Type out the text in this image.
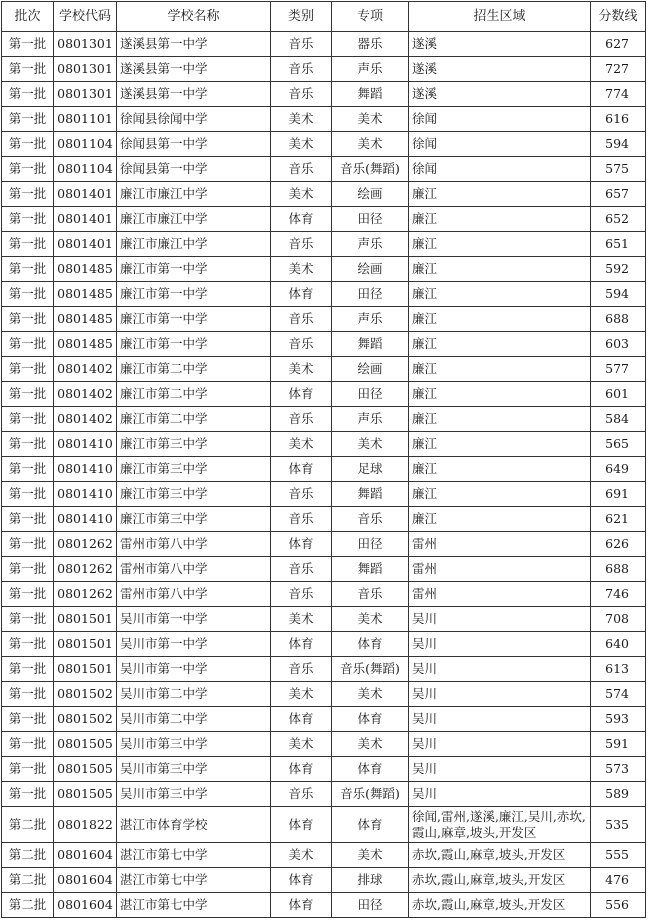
批次	学校代码	学校名称	类别	专项	招生区域	分数线
第一批	0801301	遂溪县第一中学	音乐	器乐	遂溪	627
第一批	0801301	遂溪县第一中学	音乐	声乐	遂溪	727
第一批	0801301	遂溪县第一中学	音乐	舞蹈	遂溪	774
第一批	0801101	徐闻县徐闻中学	美术	美术	徐闻	616
第一批	0801104	徐闻县第一中学	美术	美术	徐闻	594
第一批	0801104	徐闻县第一中学	音乐	音乐(舞蹈)	徐闻	575
第一批	0801401	廉江市廉江中学	美术	绘画	廉江	657
第一批	0801401	廉江市廉江中学	体育	田径	廉江	652
第一批	0801401	廉江市廉江中学	音乐	声乐	廉江	651
第一批	0801485	廉江市第一中学	美术	绘画	廉江	592
第一批	0801485	廉江市第一中学	体育	田径	廉江	594
第一批	0801485	廉江市第一中学	音乐	声乐	廉江	688
第一批	0801485	廉江市第一中学	音乐	舞蹈	廉江	603
第一批	0801402	廉江市第二中学	美术	绘画	廉江	577
第一批	0801402	廉江市第二中学	体育	田径	廉江	601
第一批	0801402	廉江市第二中学	音乐	声乐	廉江	584
第一批	0801410	廉江市第三中学	美术	美术	廉江	565
第一批	0801410	廉江市第三中学	体育	足球	廉江	649
第一批	0801410	廉江市第三中学	音乐	舞蹈	廉江	691
第一批	0801410	廉江市第三中学	音乐	音乐	廉江	621
第一批	0801262	雷州市第八中学	体育	田径	雷州	626
第一批	0801262	雷州市第八中学	音乐	舞蹈	雷州	688
第一批	0801262	雷州市第八中学	音乐	音乐	雷州	746
第一批	0801501	吴川市第一中学	美术	美术	吴川	708
第一批	0801501	吴川市第一中学	体育	体育	吴川	640
第一批	0801501	吴川市第一中学	音乐	音乐(舞蹈)	吴川	613
第一批	0801502	吴川市第二中学	美术	美术	吴川	574
第一批	0801502	吴川市第二中学	体育	体育	吴川	593
第一批	0801505	吴川市第三中学	美术	美术	吴川	591
第一批	0801505	吴川市第三中学	体育	体育	吴川	573
第一批	0801505	吴川市第三中学	音乐	音乐(舞蹈)	吴川	589
第二批	0801822	湛江市体育学校	体育	体育	徐闻,雷州,遂溪,廉江,吴川,赤坎,霞山,麻章,坡头,开发区	535
第二批	0801604	湛江市第七中学	美术	美术	赤坎,霞山,麻章,坡头,开发区	555
第二批	0801604	湛江市第七中学	体育	排球	赤坎,霞山,麻章,坡头,开发区	476
第二批	0801604	湛江市第七中学	体育	田径	赤坎,霞山,麻章,坡头,开发区	556
